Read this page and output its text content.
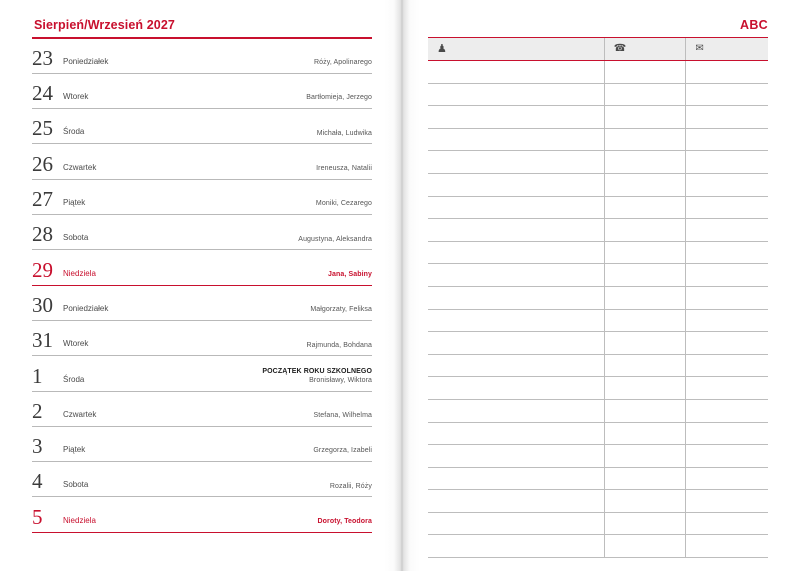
Sierpień/Wrzesień 2027
23	Poniedziałek	Róży, Apolinarego
24	Wtorek	Bartłomieja, Jerzego
25	Środa	Michała, Ludwika
26	Czwartek	Ireneusza, Natalii
27	Piątek	Moniki, Cezarego
28	Sobota	Augustyna, Aleksandra
29	Niedziela	Jana, Sabiny
30	Poniedziałek	Małgorzaty, Feliksa
31	Wtorek	Rajmunda, Bohdana
1	Środa
POCZĄTEK ROKU SZKOLNEGO
Bronisławy, Wiktora
2	Czwartek	Stefana, Wilhelma
3	Piątek	Grzegorza, Izabeli
4	Sobota	Rozalii, Róży
5	Niedziela	Doroty, Teodora
ABC
♟	☎	✉
